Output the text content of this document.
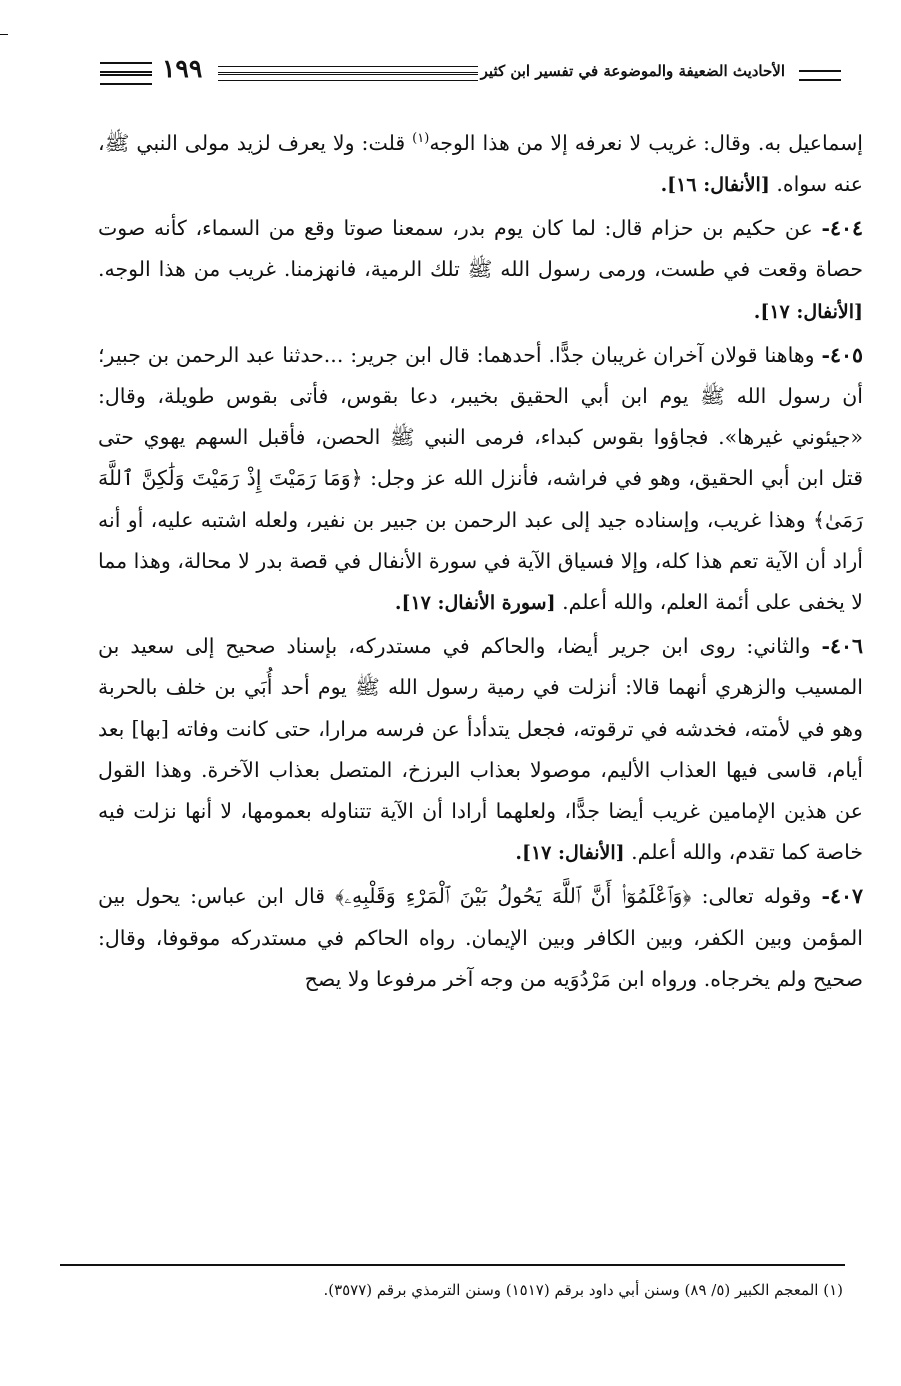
١٩٩	الأحاديث الضعيفة والموضوعة في تفسير ابن كثير

إسماعيل به. وقال: غريب لا نعرفه إلا من هذا الوجه$^{(١)}$ قلت: ولا يعرف لزيد مولى النبي ﷺ، عنه سواه. [الأنفال: ١٦].

٤٠٤- عن حكيم بن حزام قال: لما كان يوم بدر، سمعنا صوتا وقع من السماء، كأنه صوت حصاة وقعت في طست، ورمى رسول الله ﷺ تلك الرمية، فانهزمنا. غريب من هذا الوجه. [الأنفال: ١٧].

٤٠٥- وهاهنا قولان آخران غريبان جدًّا. أحدهما: قال ابن جرير: ...حدثنا عبد الرحمن بن جبير؛ أن رسول الله ﷺ يوم ابن أبي الحقيق بخيبر، دعا بقوس، فأتى بقوس طويلة، وقال: «جيئوني غيرها». فجاؤوا بقوس كبداء، فرمى النبي ﷺ الحصن، فأقبل السهم يهوي حتى قتل ابن أبي الحقيق، وهو في فراشه، فأنزل الله عز وجل: ﴿وَمَا رَمَيْتَ إِذْ رَمَيْتَ وَلَٰكِنَّ ٱللَّهَ رَمَىٰ﴾ وهذا غريب، وإسناده جيد إلى عبد الرحمن بن جبير بن نفير، ولعله اشتبه عليه، أو أنه أراد أن الآية تعم هذا كله، وإلا فسياق الآية في سورة الأنفال في قصة بدر لا محالة، وهذا مما لا يخفى على أئمة العلم، والله أعلم. [سورة الأنفال: ١٧].

٤٠٦- والثاني: روى ابن جرير أيضا، والحاكم في مستدركه، بإسناد صحيح إلى سعيد بن المسيب والزهري أنهما قالا: أنزلت في رمية رسول الله ﷺ يوم أحد أُبَي بن خلف بالحربة وهو في لأمته، فخدشه في ترقوته، فجعل يتدأدأ عن فرسه مرارا، حتى كانت وفاته [بها] بعد أيام، قاسى فيها العذاب الأليم، موصولا بعذاب البرزخ، المتصل بعذاب الآخرة. وهذا القول عن هذين الإمامين غريب أيضا جدًّا، ولعلهما أرادا أن الآية تتناوله بعمومها، لا أنها نزلت فيه خاصة كما تقدم، والله أعلم. [الأنفال: ١٧].

٤٠٧- وقوله تعالى: ﴿وَٱعْلَمُوٓا۟ أَنَّ ٱللَّهَ يَحُولُ بَيْنَ ٱلْمَرْءِ وَقَلْبِهِۦ﴾ قال ابن عباس: يحول بين المؤمن وبين الكفر، وبين الكافر وبين الإيمان. رواه الحاكم في مستدركه موقوفا، وقال: صحيح ولم يخرجاه. ورواه ابن مَرْدُوَيه من وجه آخر مرفوعا ولا يصح

(١) المعجم الكبير (٥/ ٨٩) وسنن أبي داود برقم (١٥١٧) وسنن الترمذي برقم (٣٥٧٧).
